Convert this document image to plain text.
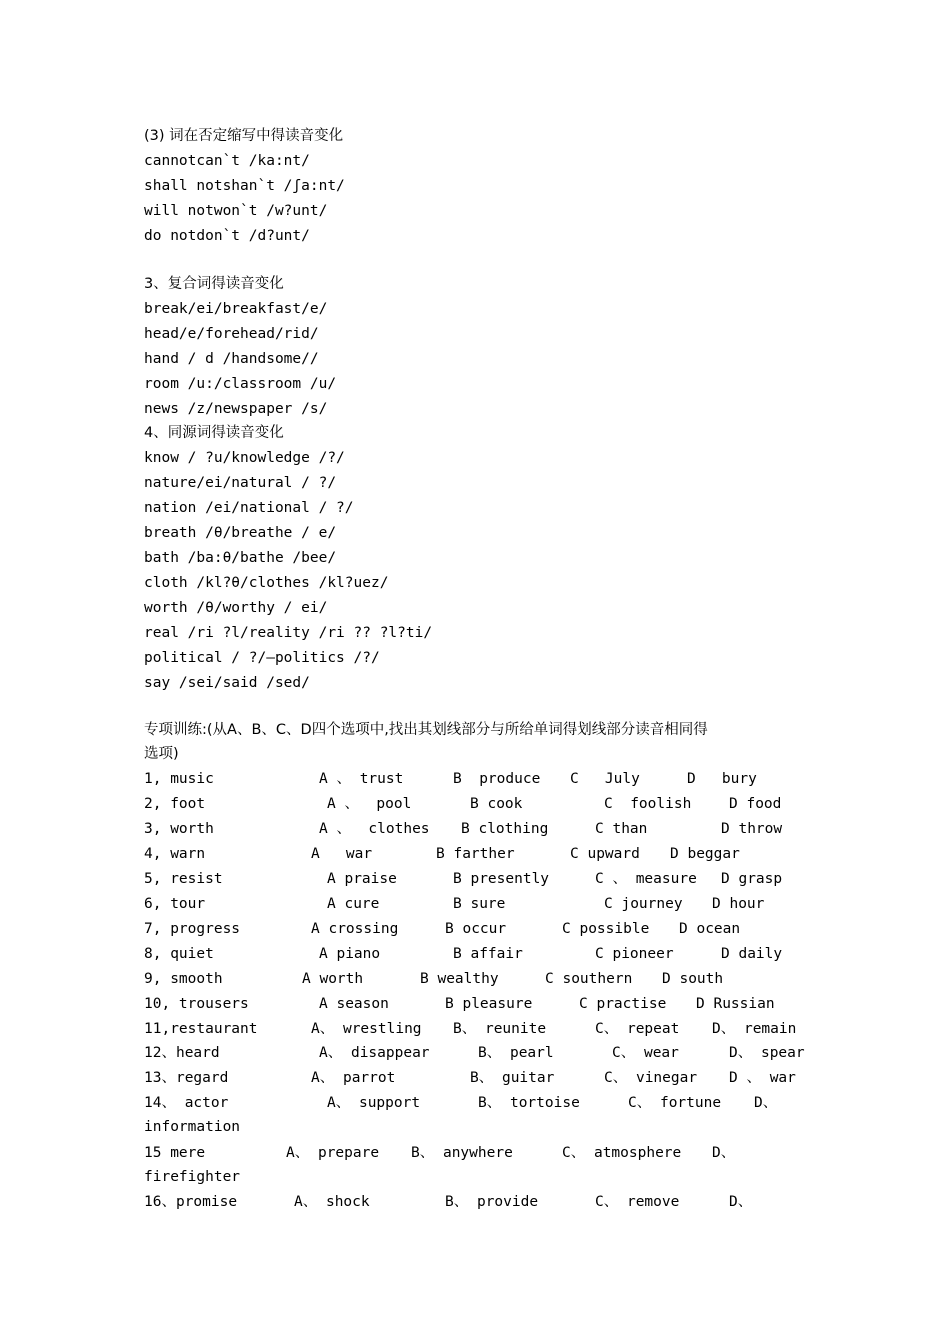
(3) 词在否定缩写中得读音变化
cannotcan`t /ka:nt/
shall notshan`t /ʃa:nt/
will notwon`t /w?unt/
do notdon`t /d?unt/
3、复合词得读音变化
break/ei/breakfast/e/
head/e/forehead/rid/
hand / d /handsome//
room /u:/classroom /u/
news /z/newspaper /s/
4、同源词得读音变化
know / ?u/knowledge /?/
nature/ei/natural / ?/
nation /ei/national / ?/
breath /θ/breathe / e/
bath /ba:θ/bathe /bee/
cloth /kl?θ/clothes /kl?uez/
worth /θ/worthy / ei/
real /ri ?l/reality /ri ?? ?l?ti/
political / ?/—politics /?/
say /sei/said /sed/
专项训练:(从A、B、C、D四个选项中,找出其划线部分与所给单词得划线部分读音相同得
选项)
1, music	A 、 trust	B  produce C   July	D   bury
2, foot	A 、  pool	B cook	C  foolish	D food
3, worth	A 、  clothes B clothing	C than	D throw
4, warn	A   war	B farther	C upward D beggar
5, resist	A praise	B presently	C 、 measure D grasp
6, tour	A cure	B sure	C journey D hour
7, progress	A crossing	B occur	C possible D ocean
8, quiet	A piano	B affair	C pioneer	D daily
9, smooth	A worth	B wealthy	C southern D south
10, trousers	A season	B pleasure	C practise D Russian
11,restaurant	A、 wrestling B、 reunite	C、 repeat D、 remain
12、heard	A、 disappear	B、 pearl	C、 wear	D、 spear
13、regard	A、 parrot	B、 guitar	C、 vinegar D 、 war
14、 actor	A、 support	B、 tortoise	C、 fortune D、
information
15 mere	A、 prepare B、 anywhere	C、 atmosphere D、
firefighter
16、promise	A、 shock	B、 provide	C、 remove	D、
